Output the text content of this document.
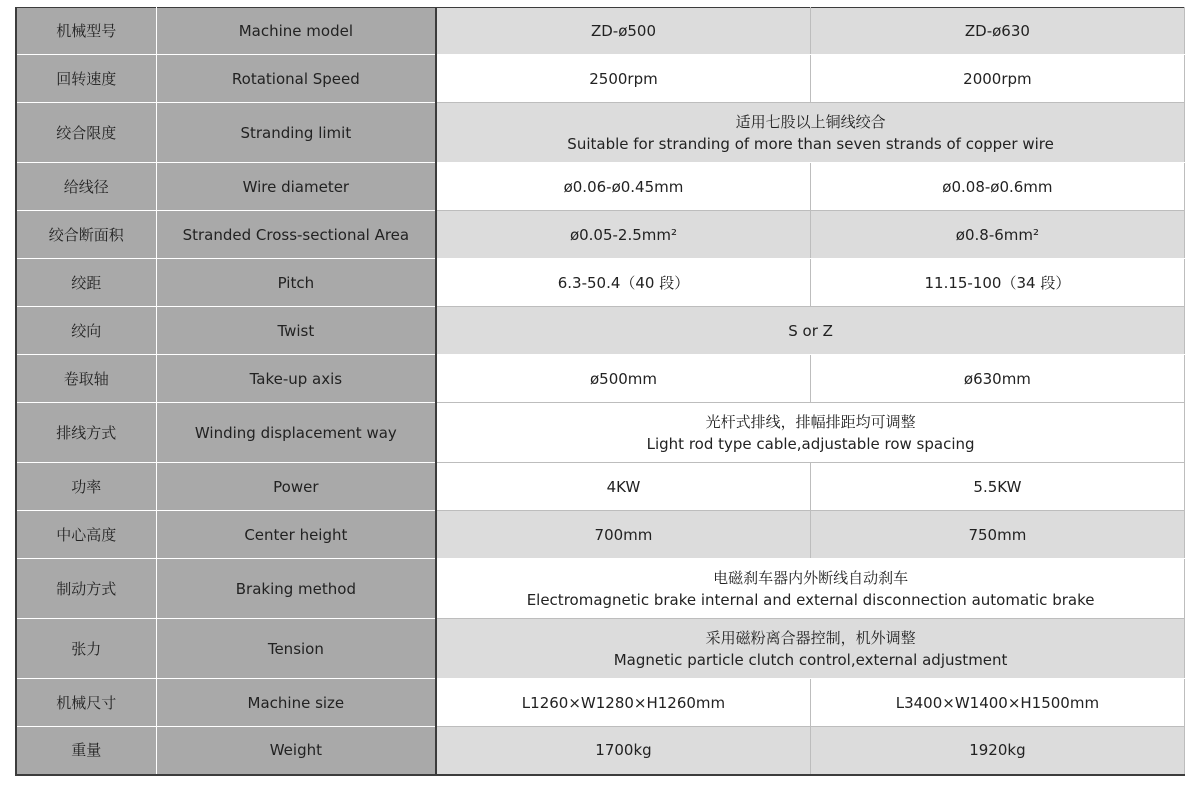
机械型号	Machine model	ZD-ø500	ZD-ø630
回转速度	Rotational Speed	2500rpm	2000rpm
绞合限度	Stranding limit	适用七股以上铜线绞合
Suitable for stranding of more than seven strands of copper wire	

给线径	Wire diameter	ø0.06-ø0.45mm	ø0.08-ø0.6mm
绞合断面积	Stranded Cross-sectional Area	ø0.05-2.5mm²	ø0.8-6mm²
绞距	Pitch	6.3-50.4（40 段）	11.15-100（34 段）
绞向	Twist	S or Z	

卷取轴	Take-up axis	ø500mm	ø630mm
排线方式	Winding displacement way	光杆式排线，排幅排距均可调整
Light rod type cable,adjustable row spacing	

功率	Power	4KW	5.5KW
中心高度	Center height	700mm	750mm
制动方式	Braking method	电磁刹车器内外断线自动刹车
Electromagnetic brake internal and external disconnection automatic brake	

张力	Tension	采用磁粉离合器控制，机外调整
Magnetic particle clutch control,external adjustment	

机械尺寸	Machine size	L1260×W1280×H1260mm	L3400×W1400×H1500mm
重量	Weight	1700kg	1920kg
